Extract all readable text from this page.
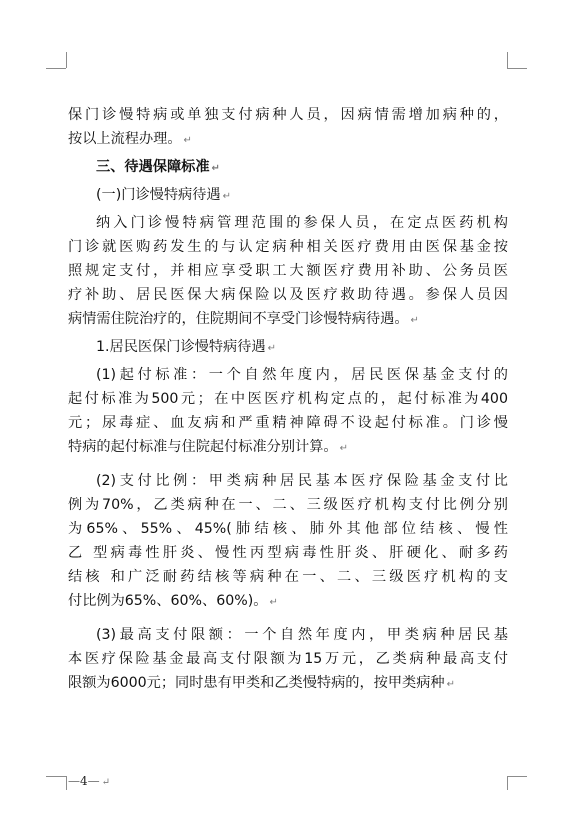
保门诊慢特病或单独支付病种人员，因病情需增加病种的，
按以上流程办理。 ↵
三、待遇保障标准 ↵
(一)门诊慢特病待遇 ↵
纳入门诊慢特病管理范围的参保人员，在定点医药机构
门诊就医购药发生的与认定病种相关医疗费用由医保基金按
照规定支付，并相应享受职工大额医疗费用补助、公务员医
疗补助、居民医保大病保险以及医疗救助待遇。参保人员因
病情需住院治疗的，住院期间不享受门诊慢特病待遇。 ↵
1.居民医保门诊慢特病待遇 ↵
(1)起付标准：一个自然年度内，居民医保基金支付的
起付标准为500元；在中医医疗机构定点的，起付标准为400
元；尿毒症、血友病和严重精神障碍不设起付标准。门诊慢
特病的起付标准与住院起付标准分别计算。 ↵
(2)支付比例：甲类病种居民基本医疗保险基金支付比
例为70%，乙类病种在一、二、三级医疗机构支付比例分别
为65%、55%、45%(肺结核、肺外其他部位结核、慢性
乙 型病毒性肝炎、慢性丙型病毒性肝炎、肝硬化、耐多药
结核 和广泛耐药结核等病种在一、二、三级医疗机构的支
付比例为65%、60%、60%)。 ↵
(3)最高支付限额：一个自然年度内，甲类病种居民基
本医疗保险基金最高支付限额为15万元，乙类病种最高支付
限额为6000元；同时患有甲类和乙类慢特病的，按甲类病种 ↵
—4— ↵
